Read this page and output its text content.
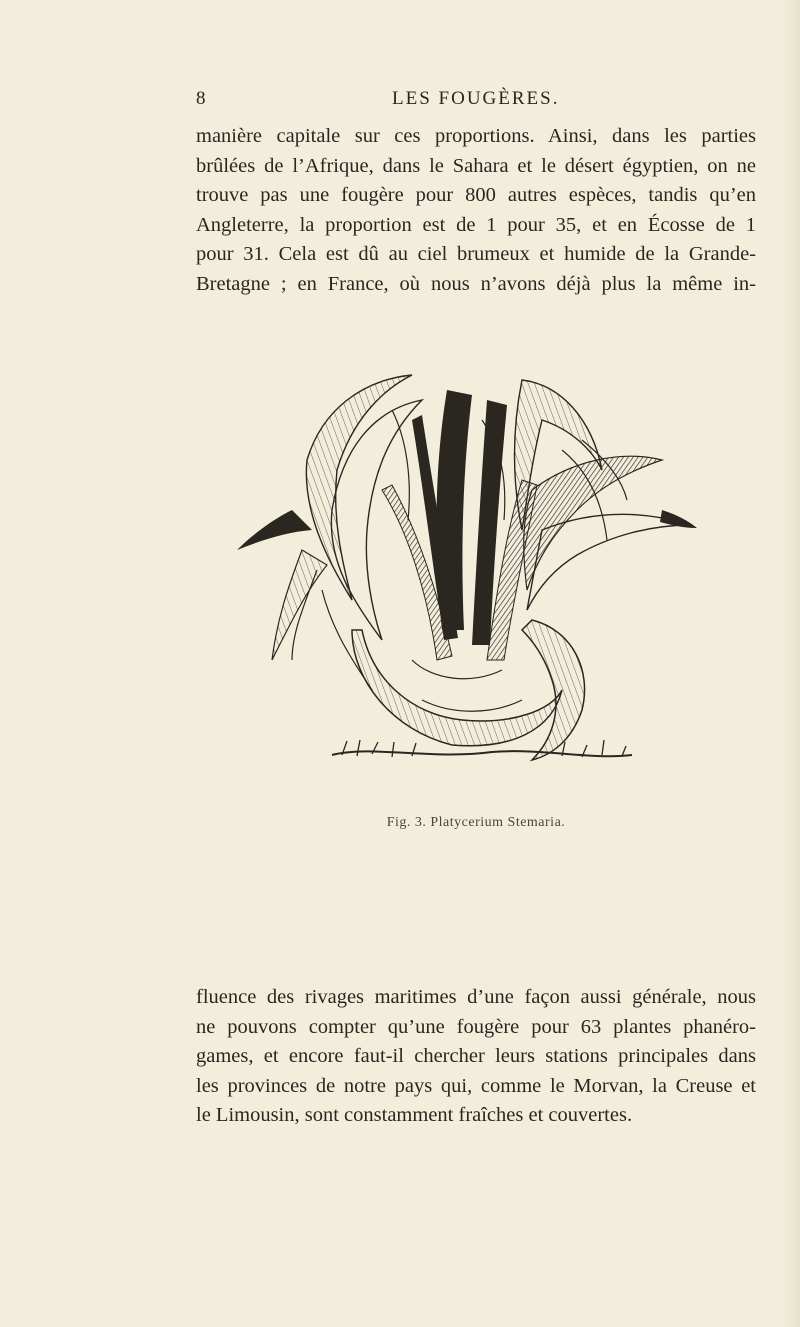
8	LES FOUGÈRES.
manière capitale sur ces proportions. Ainsi, dans les parties
brûlées de l’Afrique, dans le Sahara et le désert égyptien, on ne
trouve pas une fougère pour 800 autres espèces, tandis qu’en
Angleterre, la proportion est de 1 pour 35, et en Écosse de 1
pour 31. Cela est dû au ciel brumeux et humide de la Grande-
Bretagne ; en France, où nous n’avons déjà plus la même in-
Fig. 3. Platycerium Stemaria.
fluence des rivages maritimes d’une façon aussi générale, nous
ne pouvons compter qu’une fougère pour 63 plantes phanéro-
games, et encore faut-il chercher leurs stations principales dans
les provinces de notre pays qui, comme le Morvan, la Creuse et
le Limousin, sont constamment fraîches et couvertes.
